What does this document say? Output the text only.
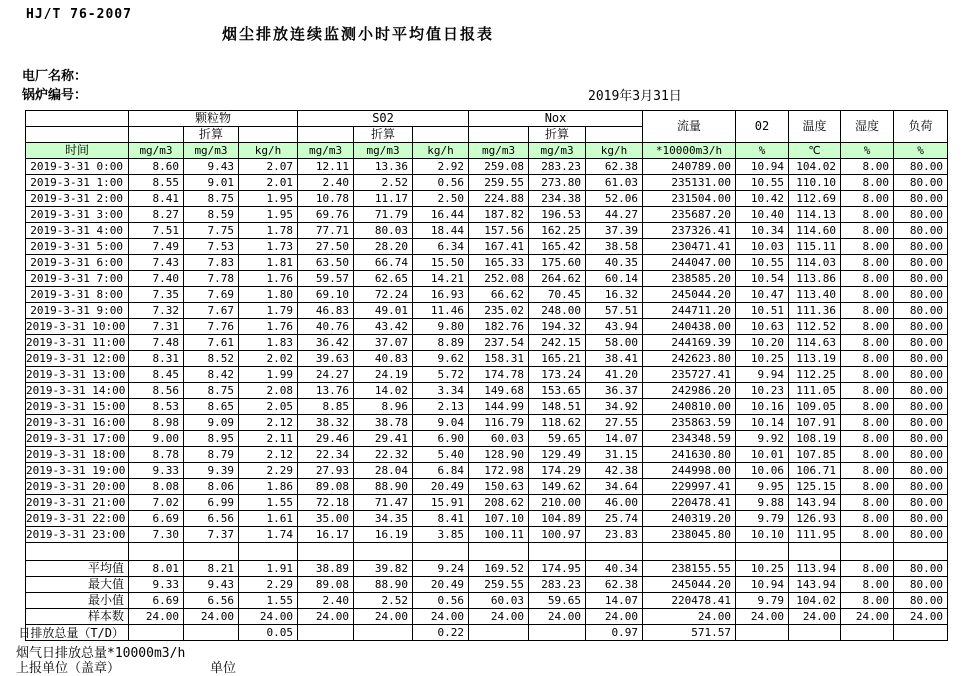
HJ/T 76-2007
烟尘排放连续监测小时平均值日报表
电厂名称：
锅炉编号：	2019年3月31日
	颗粒物			S02			Nox			流量	02	温度	湿度	负荷
		折算			折算			折算						
时间	mg/m3	mg/m3	kg/h	mg/m3	mg/m3	kg/h	mg/m3	mg/m3	kg/h	*10000m3/h	%	℃	%	%
2019-3-31 0:00	8.60	9.43	2.07	12.11	13.36	2.92	259.08	283.23	62.38	240789.00	10.94	104.02	8.00	80.00
2019-3-31 1:00	8.55	9.01	2.01	2.40	2.52	0.56	259.55	273.80	61.03	235131.00	10.55	110.10	8.00	80.00
2019-3-31 2:00	8.41	8.75	1.95	10.78	11.17	2.50	224.88	234.38	52.06	231504.00	10.42	112.69	8.00	80.00
2019-3-31 3:00	8.27	8.59	1.95	69.76	71.79	16.44	187.82	196.53	44.27	235687.20	10.40	114.13	8.00	80.00
2019-3-31 4:00	7.51	7.75	1.78	77.71	80.03	18.44	157.56	162.25	37.39	237326.41	10.34	114.60	8.00	80.00
2019-3-31 5:00	7.49	7.53	1.73	27.50	28.20	6.34	167.41	165.42	38.58	230471.41	10.03	115.11	8.00	80.00
2019-3-31 6:00	7.43	7.83	1.81	63.50	66.74	15.50	165.33	175.60	40.35	244047.00	10.55	114.03	8.00	80.00
2019-3-31 7:00	7.40	7.78	1.76	59.57	62.65	14.21	252.08	264.62	60.14	238585.20	10.54	113.86	8.00	80.00
2019-3-31 8:00	7.35	7.69	1.80	69.10	72.24	16.93	66.62	70.45	16.32	245044.20	10.47	113.40	8.00	80.00
2019-3-31 9:00	7.32	7.67	1.79	46.83	49.01	11.46	235.02	248.00	57.51	244711.20	10.51	111.36	8.00	80.00
2019-3-31 10:00	7.31	7.76	1.76	40.76	43.42	9.80	182.76	194.32	43.94	240438.00	10.63	112.52	8.00	80.00
2019-3-31 11:00	7.48	7.61	1.83	36.42	37.07	8.89	237.54	242.15	58.00	244169.39	10.20	114.63	8.00	80.00
2019-3-31 12:00	8.31	8.52	2.02	39.63	40.83	9.62	158.31	165.21	38.41	242623.80	10.25	113.19	8.00	80.00
2019-3-31 13:00	8.45	8.42	1.99	24.27	24.19	5.72	174.78	173.24	41.20	235727.41	9.94	112.25	8.00	80.00
2019-3-31 14:00	8.56	8.75	2.08	13.76	14.02	3.34	149.68	153.65	36.37	242986.20	10.23	111.05	8.00	80.00
2019-3-31 15:00	8.53	8.65	2.05	8.85	8.96	2.13	144.99	148.51	34.92	240810.00	10.16	109.05	8.00	80.00
2019-3-31 16:00	8.98	9.09	2.12	38.32	38.78	9.04	116.79	118.62	27.55	235863.59	10.14	107.91	8.00	80.00
2019-3-31 17:00	9.00	8.95	2.11	29.46	29.41	6.90	60.03	59.65	14.07	234348.59	9.92	108.19	8.00	80.00
2019-3-31 18:00	8.78	8.79	2.12	22.34	22.32	5.40	128.90	129.49	31.15	241630.80	10.01	107.85	8.00	80.00
2019-3-31 19:00	9.33	9.39	2.29	27.93	28.04	6.84	172.98	174.29	42.38	244998.00	10.06	106.71	8.00	80.00
2019-3-31 20:00	8.08	8.06	1.86	89.08	88.90	20.49	150.63	149.62	34.64	229997.41	9.95	125.15	8.00	80.00
2019-3-31 21:00	7.02	6.99	1.55	72.18	71.47	15.91	208.62	210.00	46.00	220478.41	9.88	143.94	8.00	80.00
2019-3-31 22:00	6.69	6.56	1.61	35.00	34.35	8.41	107.10	104.89	25.74	240319.20	9.79	126.93	8.00	80.00
2019-3-31 23:00	7.30	7.37	1.74	16.17	16.19	3.85	100.11	100.97	23.83	238045.80	10.10	111.95	8.00	80.00

平均值	8.01	8.21	1.91	38.89	39.82	9.24	169.52	174.95	40.34	238155.55	10.25	113.94	8.00	80.00
最大值	9.33	9.43	2.29	89.08	88.90	20.49	259.55	283.23	62.38	245044.20	10.94	143.94	8.00	80.00
最小值	6.69	6.56	1.55	2.40	2.52	0.56	60.03	59.65	14.07	220478.41	9.79	104.02	8.00	80.00
样本数	24.00	24.00	24.00	24.00	24.00	24.00	24.00	24.00	24.00	24.00	24.00	24.00	24.00	24.00

日排放总量（T/D）			0.05			0.22			0.97	571.57				
烟气日排放总量*10000m3/h
上报单位（盖章）	单位
